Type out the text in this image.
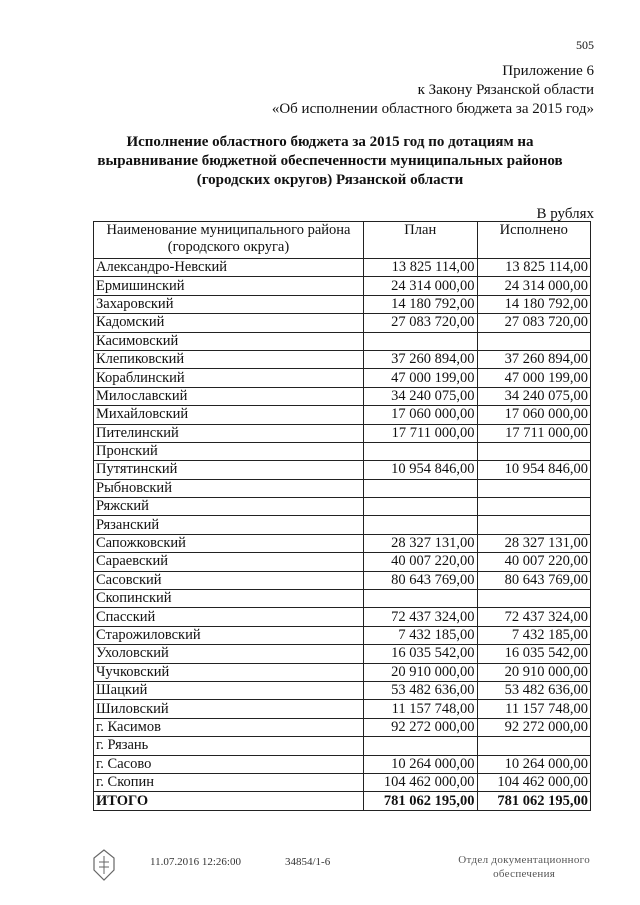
505
Приложение 6
к Закону Рязанской области
«Об исполнении областного бюджета за 2015 год»
Исполнение областного бюджета за 2015 год по дотациям на
выравнивание бюджетной обеспеченности муниципальных районов
(городских округов) Рязанской области
В рублях
Наименование муниципального района (городского округа)	План	Исполнено
Александро-Невский	13 825 114,00	13 825 114,00
Ермишинский	24 314 000,00	24 314 000,00
Захаровский	14 180 792,00	14 180 792,00
Кадомский	27 083 720,00	27 083 720,00
Касимовский		
Клепиковский	37 260 894,00	37 260 894,00
Кораблинский	47 000 199,00	47 000 199,00
Милославский	34 240 075,00	34 240 075,00
Михайловский	17 060 000,00	17 060 000,00
Пителинский	17 711 000,00	17 711 000,00
Пронский		
Путятинский	10 954 846,00	10 954 846,00
Рыбновский		
Ряжский		
Рязанский		
Сапожковский	28 327 131,00	28 327 131,00
Сараевский	40 007 220,00	40 007 220,00
Сасовский	80 643 769,00	80 643 769,00
Скопинский		
Спасский	72 437 324,00	72 437 324,00
Старожиловский	7 432 185,00	7 432 185,00
Ухоловский	16 035 542,00	16 035 542,00
Чучковский	20 910 000,00	20 910 000,00
Шацкий	53 482 636,00	53 482 636,00
Шиловский	11 157 748,00	11 157 748,00
г. Касимов	92 272 000,00	92 272 000,00
г. Рязань		
г. Сасово	10 264 000,00	10 264 000,00
г. Скопин	104 462 000,00	104 462 000,00
ИТОГО	781 062 195,00	781 062 195,00
11.07.2016 12:26:00	34854/1-6	Отдел документационного
обеспечения
